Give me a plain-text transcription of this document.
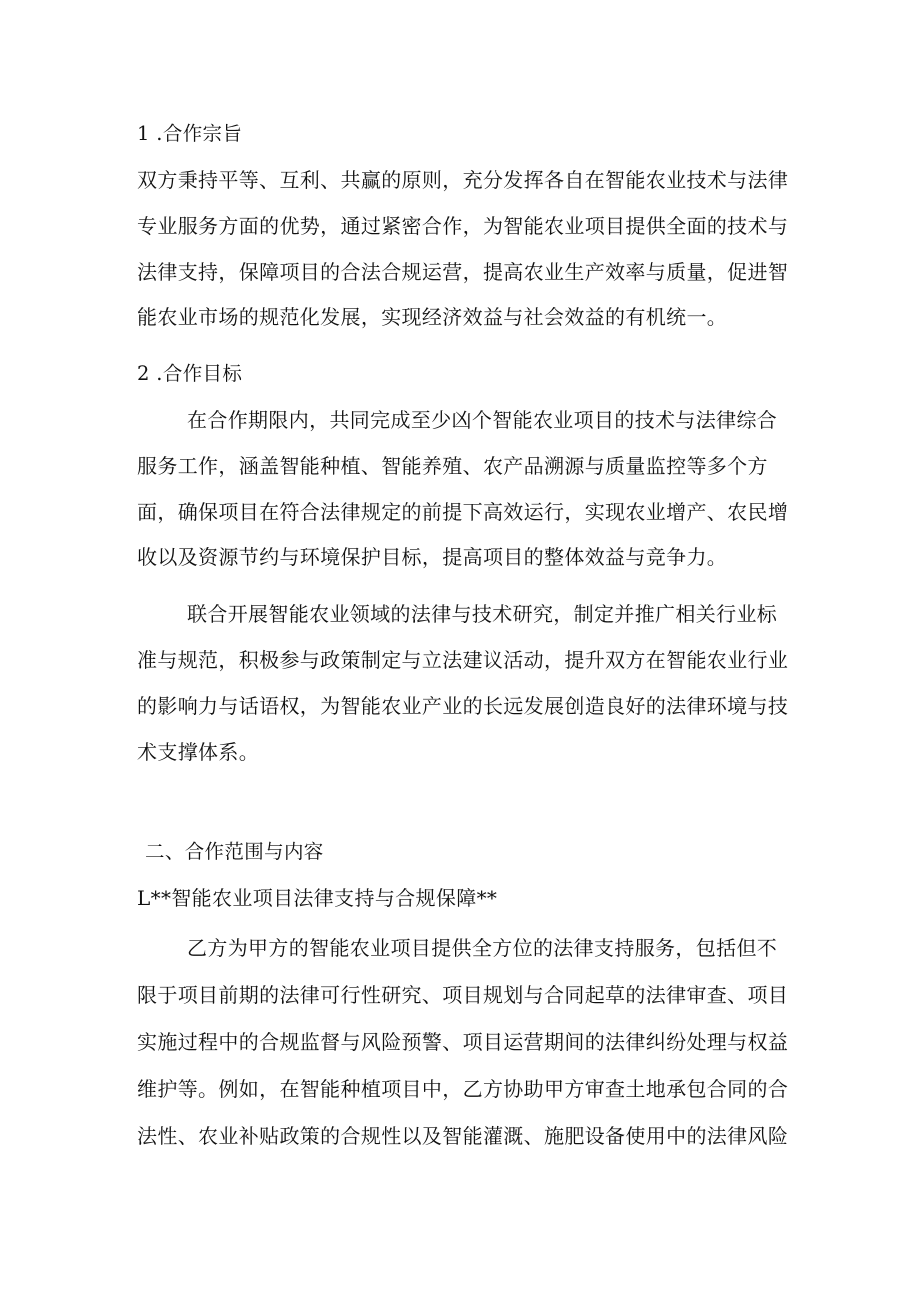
1 .合作宗旨
双方秉持平等、互利、共赢的原则，充分发挥各自在智能农业技术与法律
专业服务方面的优势，通过紧密合作，为智能农业项目提供全面的技术与
法律支持，保障项目的合法合规运营，提高农业生产效率与质量，促进智
能农业市场的规范化发展，实现经济效益与社会效益的有机统一。
2 .合作目标
在合作期限内，共同完成至少凶个智能农业项目的技术与法律综合
服务工作，涵盖智能种植、智能养殖、农产品溯源与质量监控等多个方
面，确保项目在符合法律规定的前提下高效运行，实现农业增产、农民增
收以及资源节约与环境保护目标，提高项目的整体效益与竞争力。
联合开展智能农业领域的法律与技术研究，制定并推广相关行业标
准与规范，积极参与政策制定与立法建议活动，提升双方在智能农业行业
的影响力与话语权，为智能农业产业的长远发展创造良好的法律环境与技
术支撑体系。
二、合作范围与内容
L**智能农业项目法律支持与合规保障**
乙方为甲方的智能农业项目提供全方位的法律支持服务，包括但不
限于项目前期的法律可行性研究、项目规划与合同起草的法律审查、项目
实施过程中的合规监督与风险预警、项目运营期间的法律纠纷处理与权益
维护等。例如，在智能种植项目中，乙方协助甲方审查土地承包合同的合
法性、农业补贴政策的合规性以及智能灌溉、施肥设备使用中的法律风险
